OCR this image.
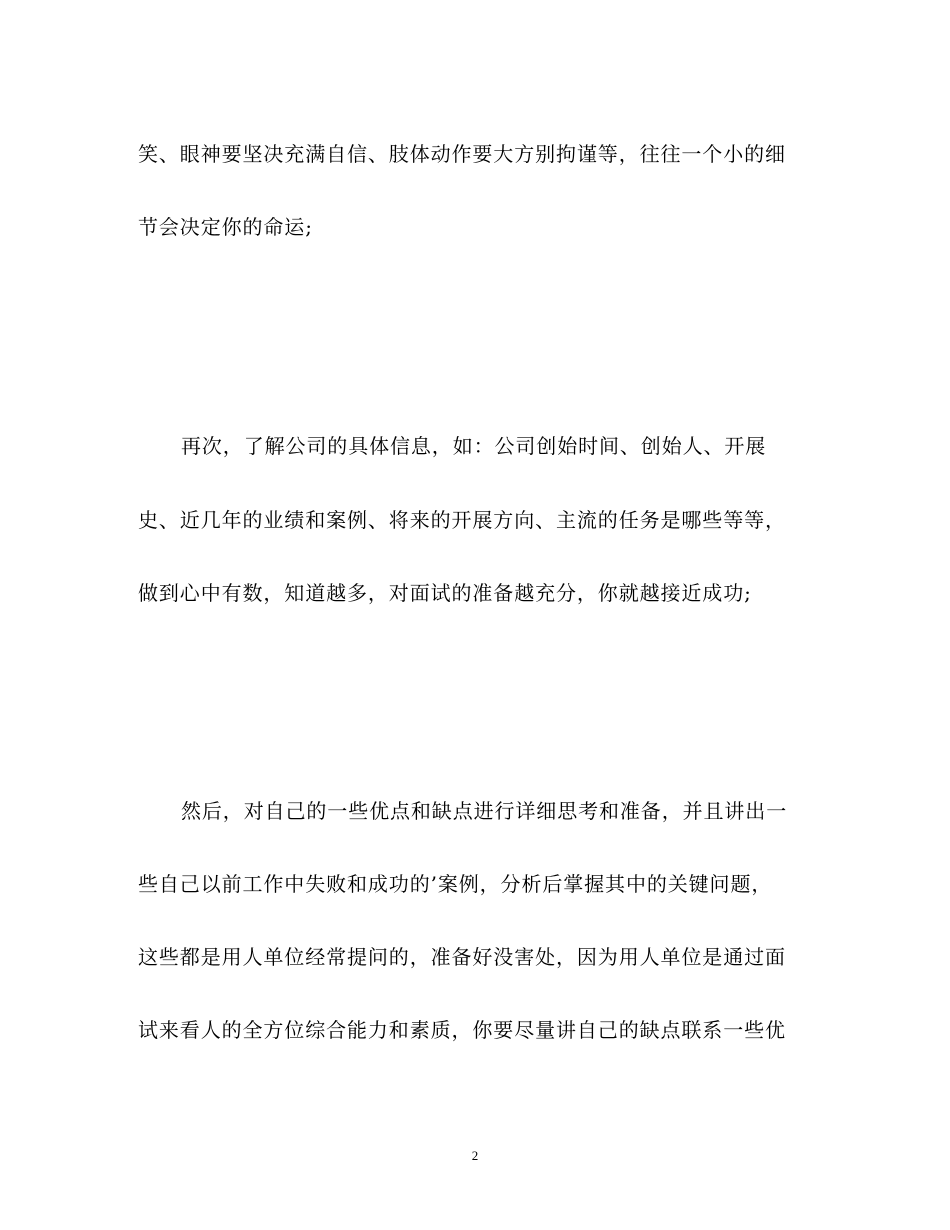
笑、眼神要坚决充满自信、肢体动作要大方别拘谨等，往往一个小的细
节会决定你的命运;
再次，了解公司的具体信息，如：公司创始时间、创始人、开展
史、近几年的业绩和案例、将来的开展方向、主流的任务是哪些等等，
做到心中有数，知道越多，对面试的准备越充分，你就越接近成功;
然后，对自己的一些优点和缺点进行详细思考和准备，并且讲出一
些自己以前工作中失败和成功的’案例，分析后掌握其中的关键问题，
这些都是用人单位经常提问的，准备好没害处，因为用人单位是通过面
试来看人的全方位综合能力和素质，你要尽量讲自己的缺点联系一些优
2
